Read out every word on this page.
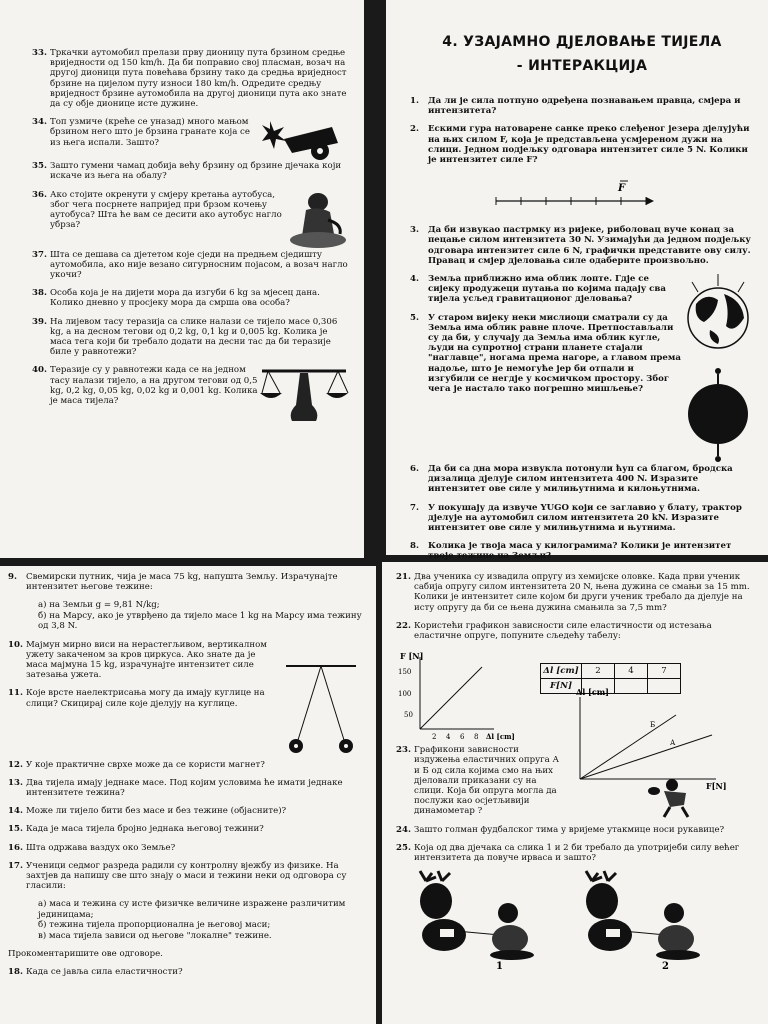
33. Тркачки аутомобил прелази прву дионицу пута брзином средње вриједности од 150 km/h. Да би поправио свој пласман, возач на другој дионици пута повећава брзину тако да средња вриједност брзине на цијелом путу износи 180 km/h. Одредите средњу вриједност брзине аутомобила на другој дионици пута ако знате да су обје дионице исте дужине.
34. Топ узмиче (креће се уназад) много мањом брзином него што је брзина гранате која се из њега испали. Зашто?
35. Зашто гумени чамац добија већу брзину од брзине дјечака који искаче из њега на обалу?
36. Ако стојите окренути у смјеру кретања аутобуса, због чега посрнете напријед при брзом кочењу аутобуса? Шта ће вам се десити ако аутобус нагло убрза?
37. Шта се дешава са дјететом које сједи на предњем сједишту аутомобила, ако није везано сигурносним појасом, а возач нагло укочи?
38. Особа која је на дијети мора да изгуби 6 kg за мјесец дана. Колико дневно у просјеку мора да смрша ова особа?
39. На лијевом тасу теразија са слике налази се тијело масе 0,306 kg, а на десном тегови од 0,2 kg, 0,1 kg и 0,005 kg. Колика је маса тега који би требало додати на десни тас да би теразије биле у равнотежи?
40. Теразије су у равнотежи када се на једном тасу налази тијело, а на другом тегови од 0,5 kg, 0,2 kg, 0,05 kg, 0,02 kg и 0,001 kg. Колика је маса тијела?

4. УЗАЈАМНО ДЈЕЛОВАЊЕ ТИЈЕЛА

- ИНТЕРАКЦИЈА

1.	Да ли је сила потпуно одређена познавањем правца, смјера и интензитета?
2.	Ескими гура натоварене санке преко слеђеног језера дјелујући на њих силом F, која је представљена усмјереном дужи на слици. Једном подјељку одговара интензитет силе 5 N. Колики је интензитет силе F?
F
3.	Да би извукао пастрмку из ријеке, риболовац вуче конац за пецање силом интензитета 30 N. Узимајући да једном подјељку одговара интензитет силе 6 N, графички представите ову силу. Правац и смјер дјеловања силе одаберите произвољно.
4.	Земља приближно има облик лопте. Гдје се сијеку продужеци путања по којима падају сва тијела усљед гравитационог дјеловања?
5.	У старом вијеку неки мислиоци сматрали су да Земља има облик равне плоче. Претпостављали су да би, у случају да Земља има облик кугле, људи на супротној страни планете стајали "наглавце", ногама према нагоре, а главом према надоље, што је немогуће јер би отпали и изгубили се негдје у космичком простору. Због чега је настало тако погрешно мишљење?
6.	Да би са дна мора извукла потонули ћуп са благом, бродска дизалица дјелује силом интензитета 400 N. Изразите интензитет ове силе у милињутнима и килоњутнима.
7.	У покушају да извуче YUGO који се заглавио у блату, трактор дјелује на аутомобил силом интензитета 20 kN. Изразите интензитет ове силе у милињутнима и њутнима.
8.	Колика је твоја маса у килограмима? Колики је интензитет твоје тежине на Земљи?
9.	Свемирски путник, чија је маса 75 kg, напушта Земљу. Израчунајте интензитет његове тежине:

а) на Земљи g = 9,81 N/kg;

б) на Марсу, ако је утврђено да тијело масе 1 kg на Марсу има тежину од 3,8 N.

10. Мајмун мирно виси на нерастегљивом, вертикалном ужету закаченом за кров циркуса. Ако знате да је маса мајмуна 15 kg, израчунајте интензитет силе затезања ужета.
11. Које врсте наелектрисања могу да имају куглице на слици? Скицирај силе које дјелују на куглице.
12. У које практичне сврхе може да се користи магнет?
13. Два тијела имају једнаке масе. Под којим условима ће имати једнаке интензитете тежина?
14. Може ли тијело бити без масе и без тежине (објасните)?
15. Када је маса тијела бројно једнака његовој тежини?
16. Шта одржава ваздух око Земље?
17. Ученици седмог разреда радили су контролну вјежбу из физике. На захтјев да напишу све што знају о маси и тежини неки од одговора су гласили:

а) маса и тежина су исте физичке величине изражене различитим јединицама;

б) тежина тијела пропорционална је његовој маси;

в) маса тијела зависи од његове "локалне" тежине.

Прокоментаришите ове одговоре.

18. Када се јавља сила еластичности?
21. Два ученика су извадила опругу из хемијске оловке. Када први ученик сабија опругу силом интензитета 20 N, њена дужина се смањи за 15 mm. Колики је интензитет силе којом би други ученик требало да дјелује на исту опругу да би се њена дужина смањила за 7,5 mm?
22. Користећи графикон зависности силе еластичности од истезања еластичне опруге, попуните сљедећу табелу:
F [N]
150
100
50
2 4 6 8 Δl [cm]
Δl [cm]	2	4	7
F[N]			
23. Графикони зависности издужења еластичних опруга А и Б од сила којима смо на њих дјеловали приказани су на слици. Која би опруга могла да послужи као осјетљивији динамометар ?
Δl [cm]
Б
А
F[N]
24. Зашто голман фудбалског тима у вријеме утакмице носи рукавице?
25. Која од два дјечака са слика 1 и 2 би требало да употријеби силу већег интензитета да повуче ирваса и зашто?
1	2
